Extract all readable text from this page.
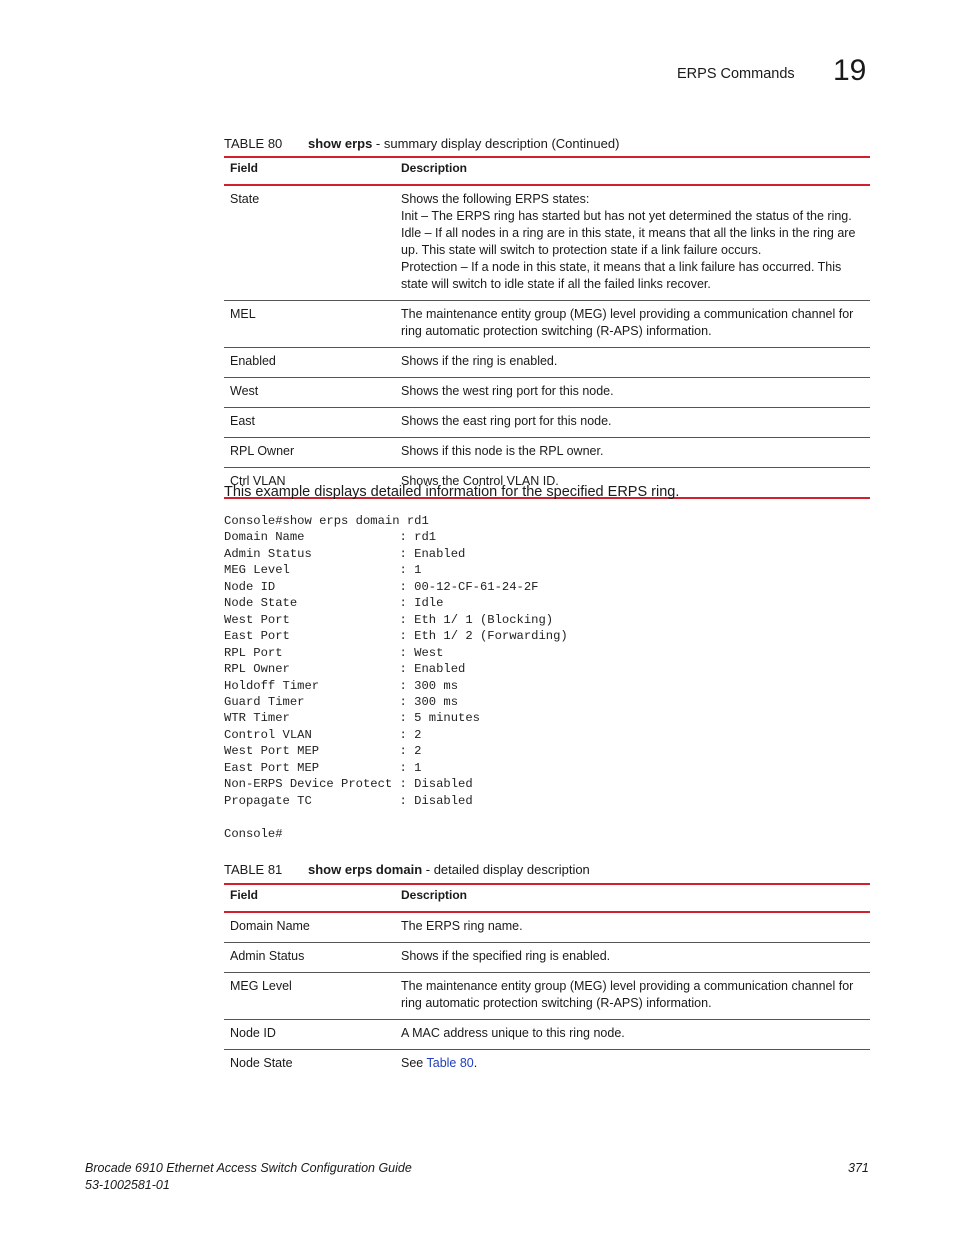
ERPS Commands 19
TABLE 80 show erps - summary display description (Continued)
Field	Description
State	Shows the following ERPS states:

Init – The ERPS ring has started but has not yet determined the status of the ring.

Idle – If all nodes in a ring are in this state, it means that all the links in the ring are up. This state will switch to protection state if a link failure occurs.

Protection – If a node in this state, it means that a link failure has occurred. This state will switch to idle state if all the failed links recover.

MEL	The maintenance entity group (MEG) level providing a communication channel for ring automatic protection switching (R-APS) information.
Enabled	Shows if the ring is enabled.
West	Shows the west ring port for this node.
East	Shows the east ring port for this node.
RPL Owner	Shows if this node is the RPL owner.
Ctrl VLAN	Shows the Control VLAN ID.
This example displays detailed information for the specified ERPS ring.
Console#show erps domain rd1
Domain Name             : rd1
Admin Status            : Enabled
MEG Level               : 1
Node ID                 : 00-12-CF-61-24-2F
Node State              : Idle
West Port               : Eth 1/ 1 (Blocking)
East Port               : Eth 1/ 2 (Forwarding)
RPL Port                : West
RPL Owner               : Enabled
Holdoff Timer           : 300 ms
Guard Timer             : 300 ms
WTR Timer               : 5 minutes
Control VLAN            : 2
West Port MEP           : 2
East Port MEP           : 1
Non-ERPS Device Protect : Disabled
Propagate TC            : Disabled

Console#
TABLE 81 show erps domain - detailed display description
Field	Description
Domain Name	The ERPS ring name.
Admin Status	Shows if the specified ring is enabled.
MEG Level	The maintenance entity group (MEG) level providing a communication channel for ring automatic protection switching (R-APS) information.
Node ID	A MAC address unique to this ring node.
Node State	See Table 80.
Brocade 6910 Ethernet Access Switch Configuration Guide
53-1002581-01
371
